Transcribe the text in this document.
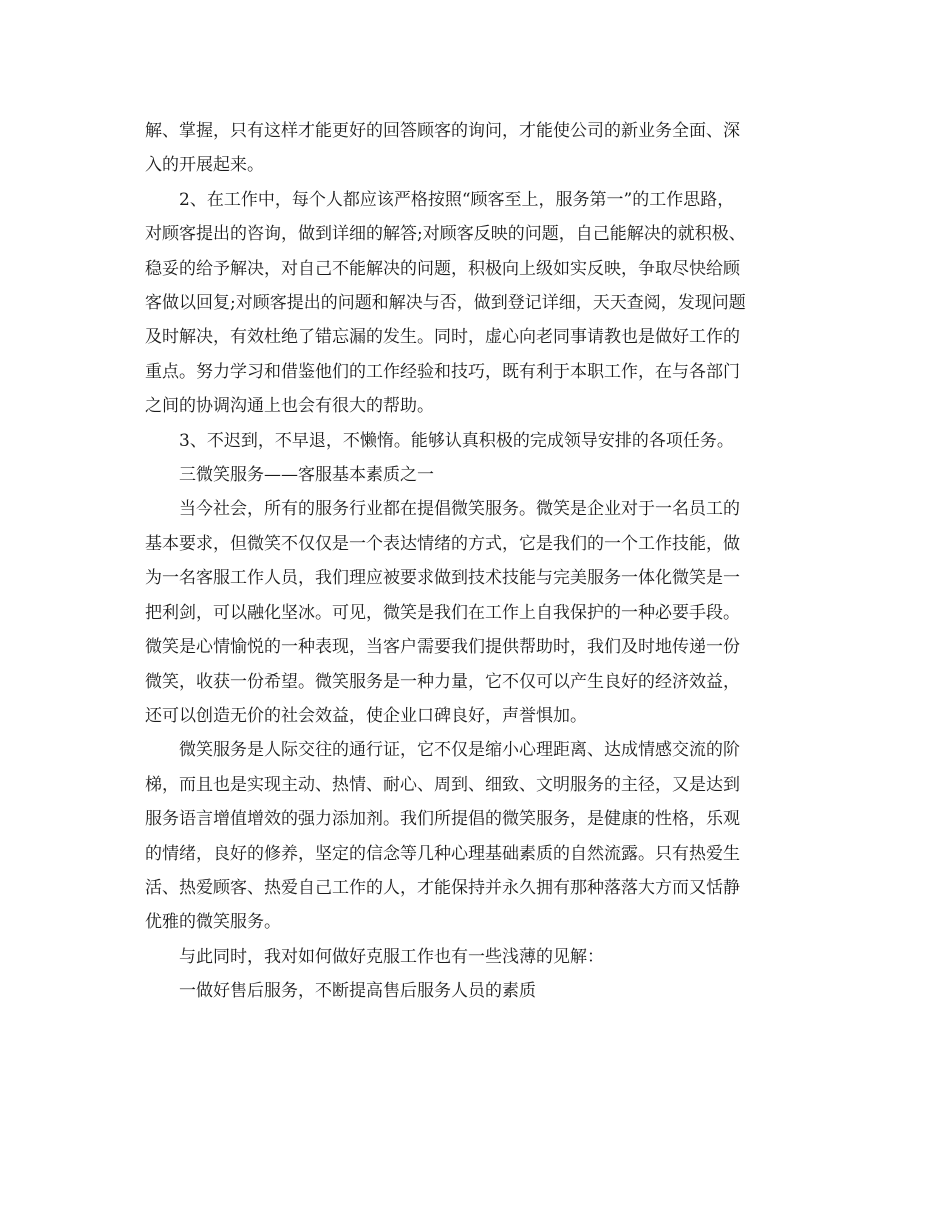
解、掌握，只有这样才能更好的回答顾客的询问，才能使公司的新业务全面、深
入的开展起来。
2、在工作中，每个人都应该严格按照“顾客至上，服务第一”的工作思路，
对顾客提出的咨询，做到详细的解答;对顾客反映的问题，自己能解决的就积极、
稳妥的给予解决，对自己不能解决的问题，积极向上级如实反映，争取尽快给顾
客做以回复;对顾客提出的问题和解决与否，做到登记详细，天天查阅，发现问题
及时解决，有效杜绝了错忘漏的发生。同时，虚心向老同事请教也是做好工作的
重点。努力学习和借鉴他们的工作经验和技巧，既有利于本职工作，在与各部门
之间的协调沟通上也会有很大的帮助。
3、不迟到，不早退，不懒惰。能够认真积极的完成领导安排的各项任务。
三微笑服务——客服基本素质之一
当今社会，所有的服务行业都在提倡微笑服务。微笑是企业对于一名员工的
基本要求，但微笑不仅仅是一个表达情绪的方式，它是我们的一个工作技能，做
为一名客服工作人员，我们理应被要求做到技术技能与完美服务一体化微笑是一
把利剑，可以融化坚冰。可见，微笑是我们在工作上自我保护的一种必要手段。
微笑是心情愉悦的一种表现，当客户需要我们提供帮助时，我们及时地传递一份
微笑，收获一份希望。微笑服务是一种力量，它不仅可以产生良好的经济效益，
还可以创造无价的社会效益，使企业口碑良好，声誉惧加。
微笑服务是人际交往的通行证，它不仅是缩小心理距离、达成情感交流的阶
梯，而且也是实现主动、热情、耐心、周到、细致、文明服务的主径，又是达到
服务语言增值增效的强力添加剂。我们所提倡的微笑服务，是健康的性格，乐观
的情绪，良好的修养，坚定的信念等几种心理基础素质的自然流露。只有热爱生
活、热爱顾客、热爱自己工作的人，才能保持并永久拥有那种落落大方而又恬静
优雅的微笑服务。
与此同时，我对如何做好克服工作也有一些浅薄的见解：
一做好售后服务，不断提高售后服务人员的素质
